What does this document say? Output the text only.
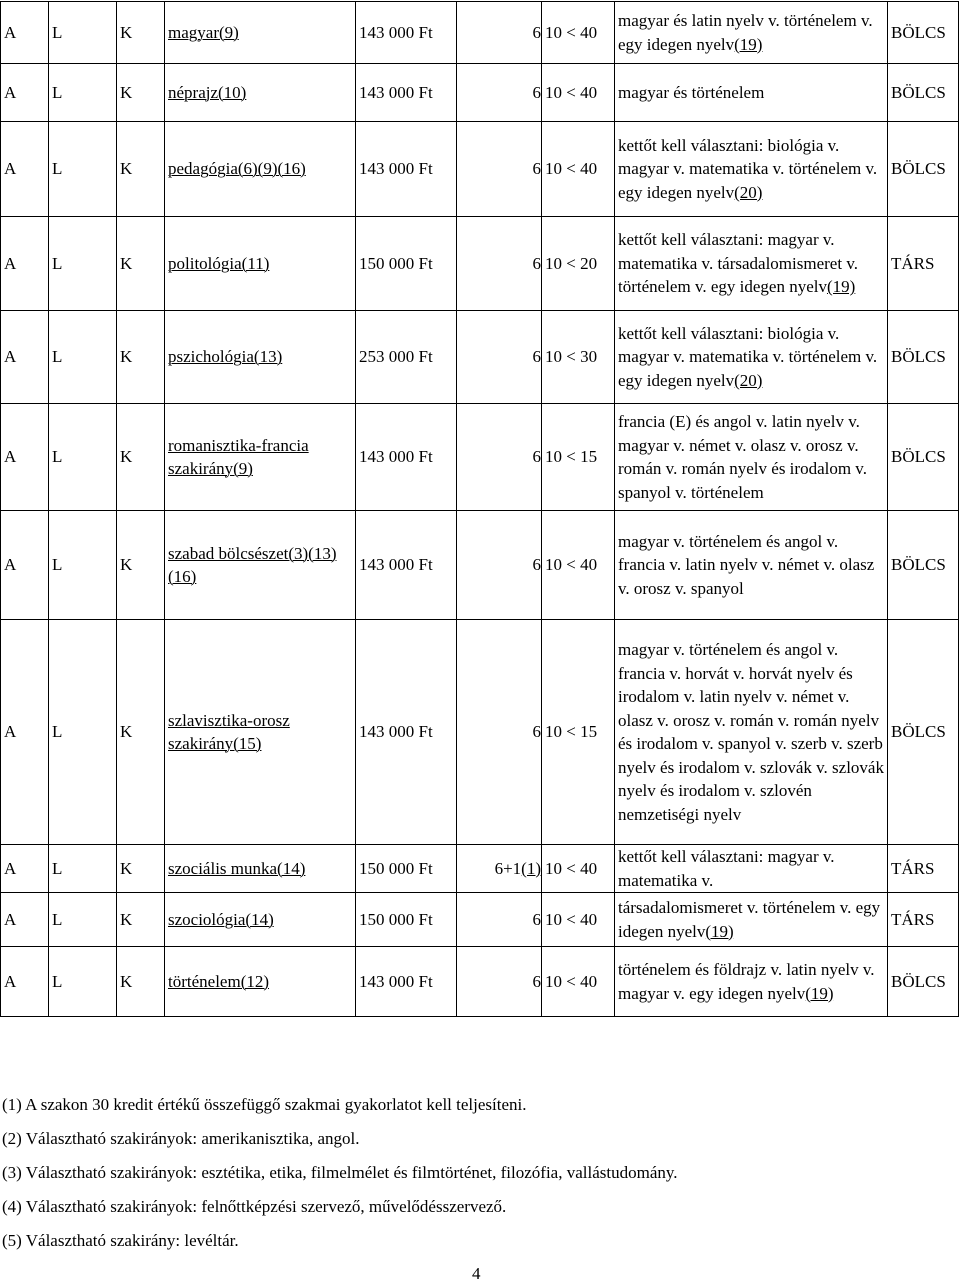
A	L	K	magyar(9)	143 000 Ft	6	10 < 40	magyar és latin nyelv v. történelem v. egy idegen nyelv(19)	BÖLCS
A	L	K	néprajz(10)	143 000 Ft	6	10 < 40	magyar és történelem	BÖLCS
A	L	K	pedagógia(6)(9)(16)	143 000 Ft	6	10 < 40	kettőt kell választani: biológia v. magyar v. matematika v. történelem v. egy idegen nyelv(20)	BÖLCS
A	L	K	politológia(11)	150 000 Ft	6	10 < 20	kettőt kell választani: magyar v. matematika v. társadalomismeret v. történelem v. egy idegen nyelv(19)	TÁRS
A	L	K	pszichológia(13)	253 000 Ft	6	10 < 30	kettőt kell választani: biológia v. magyar v. matematika v. történelem v. egy idegen nyelv(20)	BÖLCS
A	L	K	romanisztika-francia szakirány(9)	143 000 Ft	6	10 < 15	francia (E) és angol v. latin nyelv v. magyar v. német v. olasz v. orosz v. román v. román nyelv és irodalom v. spanyol v. történelem	BÖLCS
A	L	K	szabad bölcsészet(3)(13)(16)	143 000 Ft	6	10 < 40	magyar v. történelem és angol v. francia v. latin nyelv v. német v. olasz v. orosz v. spanyol	BÖLCS
A	L	K	szlavisztika-orosz szakirány(15)	143 000 Ft	6	10 < 15	magyar v. történelem és angol v. francia v. horvát v. horvát nyelv és irodalom v. latin nyelv v. német v. olasz v. orosz v. román v. román nyelv és irodalom v. spanyol v. szerb v. szerb nyelv és irodalom v. szlovák v. szlovák nyelv és irodalom v. szlovén nemzetiségi nyelv	BÖLCS
A	L	K	szociális munka(14)	150 000 Ft	6+1(1)	10 < 40	kettőt kell választani: magyar v. matematika v.	TÁRS
A	L	K	szociológia(14)	150 000 Ft	6	10 < 40	társadalomismeret v. történelem v. egy idegen nyelv(19)	TÁRS
A	L	K	történelem(12)	143 000 Ft	6	10 < 40	történelem és földrajz v. latin nyelv v. magyar v. egy idegen nyelv(19)	BÖLCS

(1) A szakon 30 kredit értékű összefüggő szakmai gyakorlatot kell teljesíteni.

(2) Választható szakirányok: amerikanisztika, angol.

(3) Választható szakirányok: esztétika, etika, filmelmélet és filmtörténet, filozófia, vallástudomány.

(4) Választható szakirányok: felnőttképzési szervező, művelődésszervező.

(5) Választható szakirány: levéltár.

4
